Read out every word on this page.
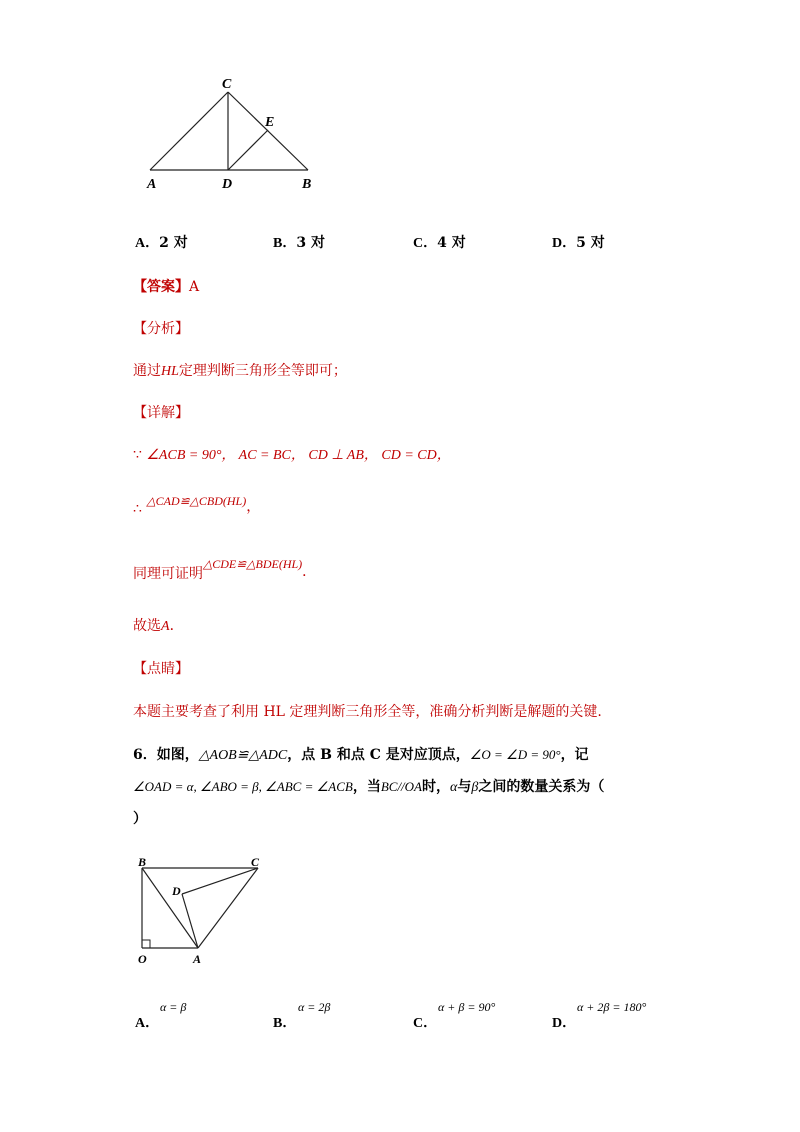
C
E
A	D	B
A．2 对	B．3 对	C．4 对	D．5 对
【答案】A
【分析】
通过HL定理判断三角形全等即可；
【详解】
∵ ∠ACB = 90°， AC = BC， CD ⊥ AB， CD = CD，
∴ △CAD≌△CBD(HL)，
同理可证明△CDE≌△BDE(HL)．
故选A．
【点睛】
本题主要考查了利用 HL 定理判断三角形全等，准确分析判断是解题的关键.
6．如图，△AOB≌△ADC，点 B 和点 C 是对应顶点，∠O = ∠D = 90°，记
∠OAD = α, ∠ABO = β, ∠ABC = ∠ACB，当BC//OA时，α与β之间的数量关系为（
）
B	C
D
O	A
A．
α = β
B．
α = 2β
C．
α + β = 90°
D．
α + 2β = 180°
